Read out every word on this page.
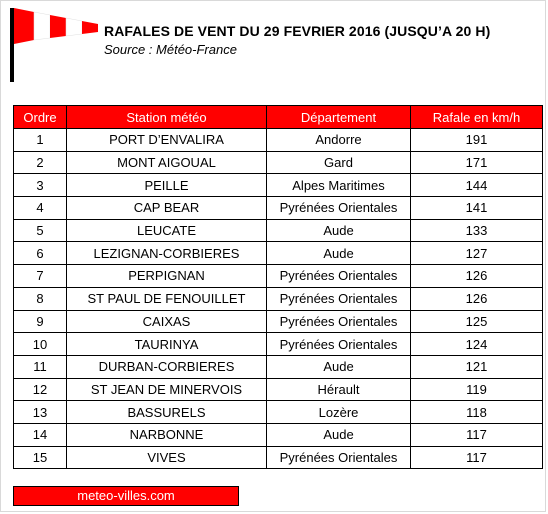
RAFALES DE VENT DU 29 FEVRIER 2016 (JUSQU’A 20 H)
Source : Météo-France
Ordre	Station météo	Département	Rafale en km/h
1	PORT D’ENVALIRA	Andorre	191
2	MONT AIGOUAL	Gard	171
3	PEILLE	Alpes Maritimes	144
4	CAP BEAR	Pyrénées Orientales	141
5	LEUCATE	Aude	133
6	LEZIGNAN-CORBIERES	Aude	127
7	PERPIGNAN	Pyrénées Orientales	126
8	ST PAUL DE FENOUILLET	Pyrénées Orientales	126
9	CAIXAS	Pyrénées Orientales	125
10	TAURINYA	Pyrénées Orientales	124
11	DURBAN-CORBIERES	Aude	121
12	ST JEAN DE MINERVOIS	Hérault	119
13	BASSURELS	Lozère	118
14	NARBONNE	Aude	117
15	VIVES	Pyrénées Orientales	117
meteo-villes.com
